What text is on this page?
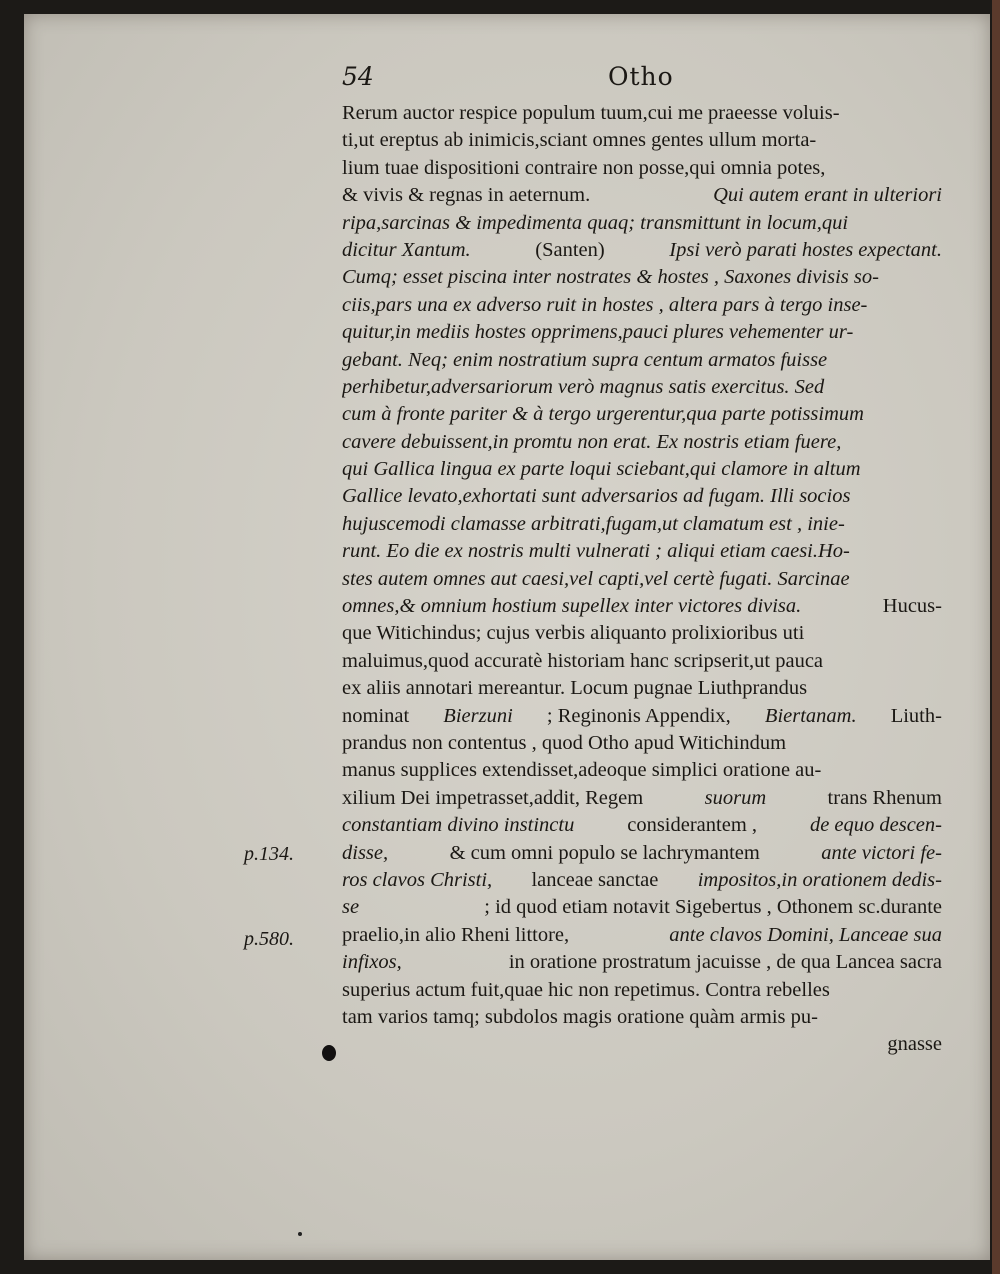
54	Otho
p.134.
p.580.
Rerum auctor respice populum tuum,cui me praeesse voluis-
ti,ut ereptus ab inimicis,sciant omnes gentes ullum morta-
lium tuae dispositioni contraire non posse,qui omnia potes,
& vivis & regnas in aeternum.	Qui autem erant in ulteriori
ripa,sarcinas & impedimenta quaq; transmittunt in locum,qui
dicitur Xantum.	(Santen)	Ipsi verò parati hostes expectant.
Cumq; esset piscina inter nostrates & hostes , Saxones divisis so-
ciis,pars una ex adverso ruit in hostes , altera pars à tergo inse-
quitur,in mediis hostes opprimens,pauci plures vehementer ur-
gebant. Neq; enim nostratium supra centum armatos fuisse
perhibetur,adversariorum verò magnus satis exercitus. Sed
cum à fronte pariter & à tergo urgerentur,qua parte potissimum
cavere debuissent,in promtu non erat. Ex nostris etiam fuere,
qui Gallica lingua ex parte loqui sciebant,qui clamore in altum
Gallice levato,exhortati sunt adversarios ad fugam. Illi socios
hujuscemodi clamasse arbitrati,fugam,ut clamatum est , inie-
runt. Eo die ex nostris multi vulnerati ; aliqui etiam caesi.Ho-
stes autem omnes aut caesi,vel capti,vel certè fugati. Sarcinae
omnes,& omnium hostium supellex inter victores divisa.	Hucus-
que Witichindus; cujus verbis aliquanto prolixioribus uti
maluimus,quod accuratè historiam hanc scripserit,ut pauca
ex aliis annotari mereantur. Locum pugnae Liuthprandus
nominat Bierzuni ; Reginonis Appendix, Biertanam. Liuth-
prandus non contentus , quod Otho apud Witichindum
manus supplices extendisset,adeoque simplici oratione au-
xilium Dei impetrasset,addit, Regem	suorum	trans Rhenum
constantiam divino instinctu	considerantem ,	de equo descen-
disse,	& cum omni populo se lachrymantem	ante victori fe-
ros clavos Christi, lanceae sanctae impositos,in orationem dedis-
se	; id quod etiam notavit Sigebertus , Othonem sc.durante
praelio,in alio Rheni littore,	ante clavos Domini, Lanceae sua
infixos,	in oratione prostratum jacuisse , de qua Lancea sacra
superius actum fuit,quae hic non repetimus. Contra rebelles
tam varios tamq; subdolos magis oratione quàm armis pu-
gnasse
